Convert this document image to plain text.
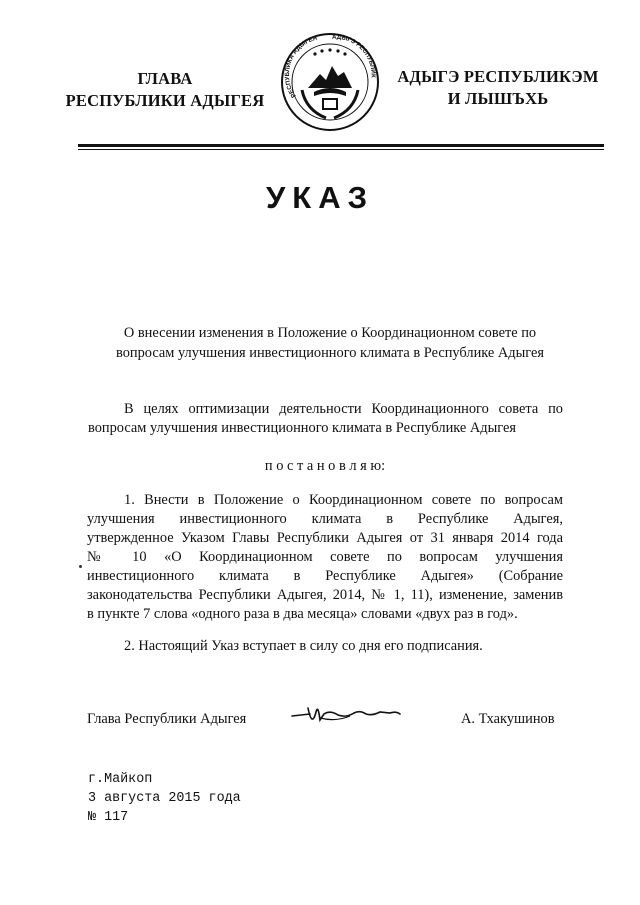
ГЛАВА
РЕСПУБЛИКИ АДЫГЕЯ	РЕСПУБЛИКА АДЫГЕЯ АДЫГЭ РЕСПУБЛИК	АДЫГЭ РЕСПУБЛИКЭМ
И ЛЫШЪХЬ
УКАЗ
О внесении изменения в Положение о Координационном совете по
вопросам улучшения инвестиционного климата в Республике Адыгея
В целях оптимизации деятельности Координационного совета по
вопросам улучшения инвестиционного климата в Республике Адыгея
п о с т а н о в л я ю:
1. Внести в Положение о Координационном совете по вопросам
улучшения инвестиционного климата в Республике Адыгея,
утвержденное Указом Главы Республики Адыгея от 31 января 2014 года
№ 10 «О Координационном совете по вопросам улучшения
инвестиционного климата в Республике Адыгея» (Собрание
законодательства Республики Адыгея, 2014, № 1, 11), изменение, заменив
в пункте 7 слова «одного раза в два месяца» словами «двух раз в год».
2. Настоящий Указ вступает в силу со дня его подписания.
Глава Республики Адыгея	А. Тхакушинов
г.Майкоп
3 августа 2015 года
№ 117
